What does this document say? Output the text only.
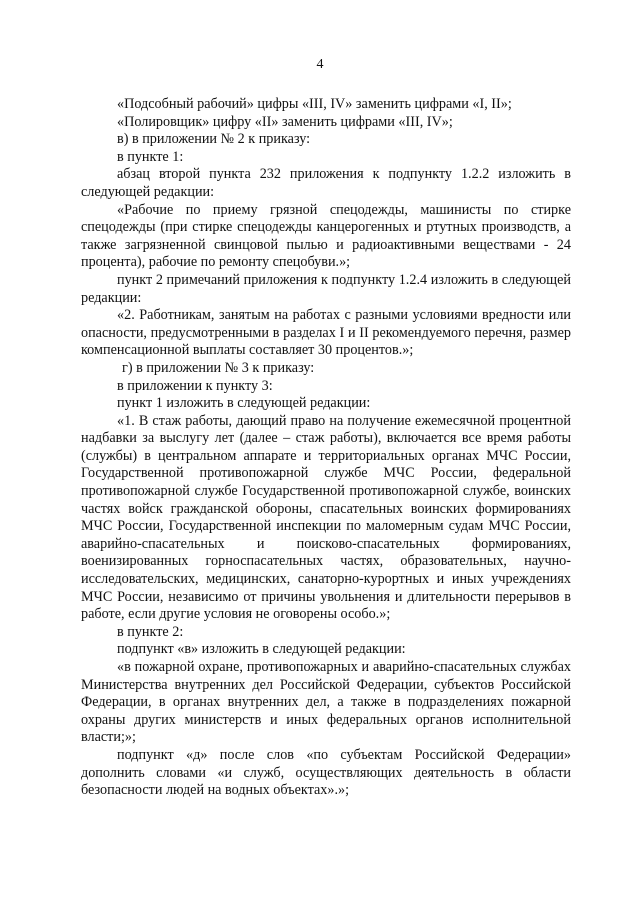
4

«Подсобный рабочий» цифры «III, IV» заменить цифрами «I, II»;

«Полировщик» цифру «II» заменить цифрами «III, IV»;

в) в приложении № 2 к приказу:

в пункте 1:

абзац второй пункта 232 приложения к подпункту 1.2.2 изложить в следующей редакции:

«Рабочие по приему грязной спецодежды, машинисты по стирке спецодежды (при стирке спецодежды канцерогенных и ртутных производств, а также загрязненной свинцовой пылью и радиоактивными веществами - 24 процента), рабочие по ремонту спецобуви.»;

пункт 2 примечаний приложения к подпункту 1.2.4 изложить в следующей редакции:

«2. Работникам, занятым на работах с разными условиями вредности или опасности, предусмотренными в разделах I и II рекомендуемого перечня, размер компенсационной выплаты составляет 30 процентов.»;

г) в приложении № 3 к приказу:

в приложении к пункту 3:

пункт 1 изложить в следующей редакции:

«1. В стаж работы, дающий право на получение ежемесячной процентной надбавки за выслугу лет (далее – стаж работы), включается все время работы (службы) в центральном аппарате и территориальных органах МЧС России, Государственной противопожарной службе МЧС России, федеральной противопожарной службе Государственной противопожарной службе, воинских частях войск гражданской обороны, спасательных воинских формированиях МЧС России, Государственной инспекции по маломерным судам МЧС России, аварийно-спасательных и поисково-спасательных формированиях, военизированных горноспасательных частях, образовательных, научно-исследовательских, медицинских, санаторно-курортных и иных учреждениях МЧС России, независимо от причины увольнения и длительности перерывов в работе, если другие условия не оговорены особо.»;

в пункте 2:

подпункт «в» изложить в следующей редакции:

«в пожарной охране, противопожарных и аварийно-спасательных службах Министерства внутренних дел Российской Федерации, субъектов Российской Федерации, в органах внутренних дел, а также в подразделениях пожарной охраны других министерств и иных федеральных органов исполнительной власти;»;

подпункт «д» после слов «по субъектам Российской Федерации» дополнить словами «и служб, осуществляющих деятельность в области безопасности людей на водных объектах».»;
